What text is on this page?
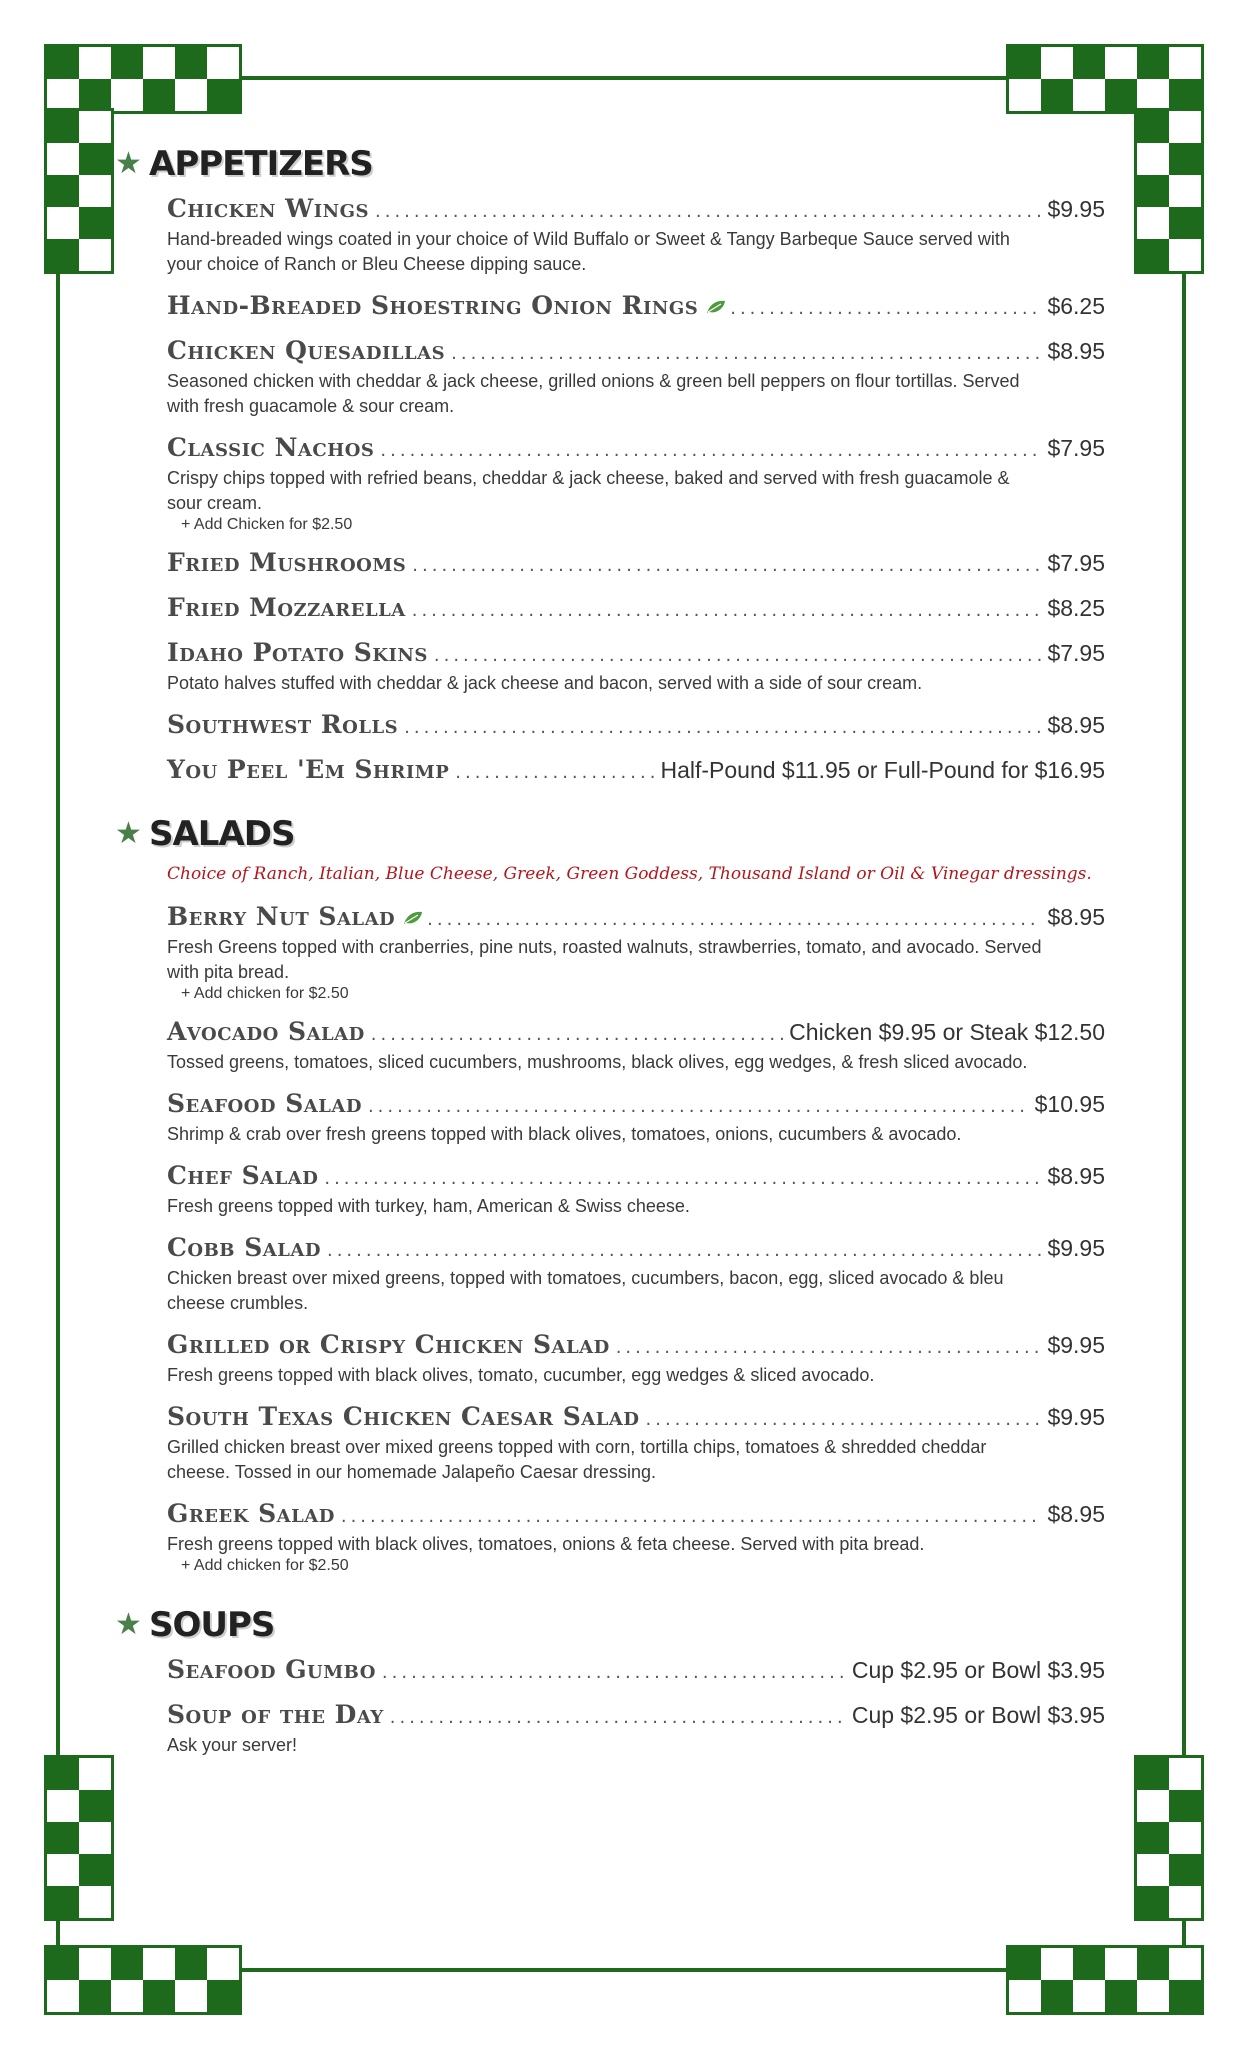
★ APPETIZERS
Chicken Wings .....	$9.95
Hand-breaded wings coated in your choice of Wild Buffalo or Sweet & Tangy Barbeque Sauce served with your choice of Ranch or Bleu Cheese dipping sauce.
Hand-Breaded Shoestring Onion Rings .....	$6.25
Chicken Quesadillas .....	$8.95
Seasoned chicken with cheddar & jack cheese, grilled onions & green bell peppers on flour tortillas. Served with fresh guacamole & sour cream.
Classic Nachos .....	$7.95
Crispy chips topped with refried beans, cheddar & jack cheese, baked and served with fresh guacamole & sour cream.
+ Add Chicken for $2.50
Fried Mushrooms .....	$7.95
Fried Mozzarella .....	$8.25
Idaho Potato Skins .....	$7.95
Potato halves stuffed with cheddar & jack cheese and bacon, served with a side of sour cream.
Southwest Rolls .....	$8.95
You Peel 'Em Shrimp .....	Half-Pound $11.95 or Full-Pound for $16.95
★ SALADS
Choice of Ranch, Italian, Blue Cheese, Greek, Green Goddess, Thousand Island or Oil & Vinegar dressings.
Berry Nut Salad .....	$8.95
Fresh Greens topped with cranberries, pine nuts, roasted walnuts, strawberries, tomato, and avocado. Served with pita bread.
+ Add chicken for $2.50
Avocado Salad .....	Chicken $9.95 or Steak $12.50
Tossed greens, tomatoes, sliced cucumbers, mushrooms, black olives, egg wedges, & fresh sliced avocado.
Seafood Salad .....	$10.95
Shrimp & crab over fresh greens topped with black olives, tomatoes, onions, cucumbers & avocado.
Chef Salad .....	$8.95
Fresh greens topped with turkey, ham, American & Swiss cheese.
Cobb Salad .....	$9.95
Chicken breast over mixed greens, topped with tomatoes, cucumbers, bacon, egg, sliced avocado & bleu cheese crumbles.
Grilled or Crispy Chicken Salad .....	$9.95
Fresh greens topped with black olives, tomato, cucumber, egg wedges & sliced avocado.
South Texas Chicken Caesar Salad .....	$9.95
Grilled chicken breast over mixed greens topped with corn, tortilla chips, tomatoes & shredded cheddar cheese. Tossed in our homemade Jalapeño Caesar dressing.
Greek Salad .....	$8.95
Fresh greens topped with black olives, tomatoes, onions & feta cheese. Served with pita bread.
+ Add chicken for $2.50
★ SOUPS
Seafood Gumbo .....	Cup $2.95 or Bowl $3.95
Soup of the Day .....	Cup $2.95 or Bowl $3.95
Ask your server!
